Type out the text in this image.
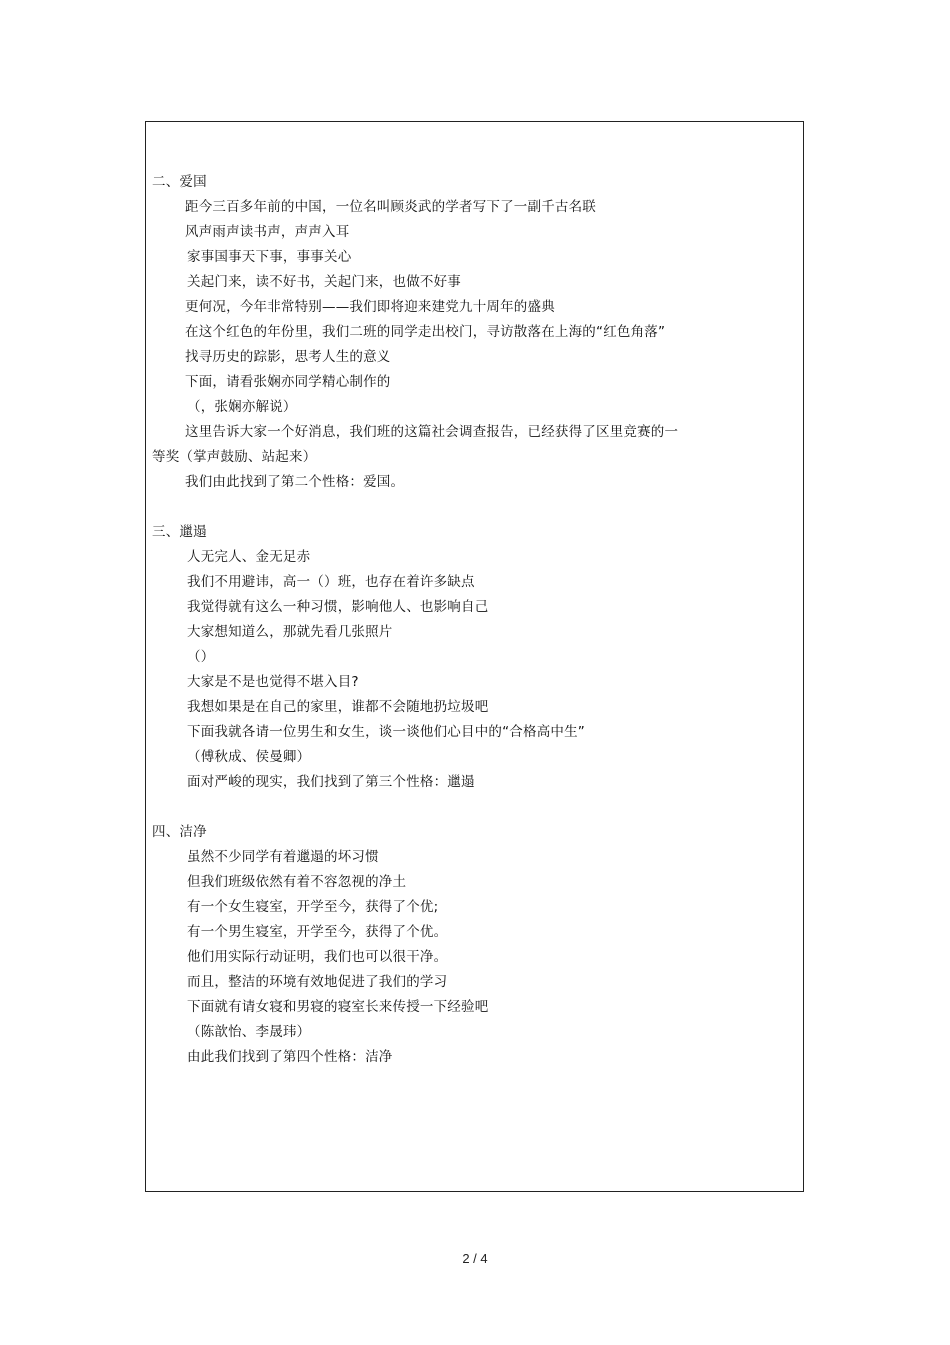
二、爱国
距今三百多年前的中国，一位名叫顾炎武的学者写下了一副千古名联
风声雨声读书声，声声入耳
家事国事天下事，事事关心
关起门来，读不好书，关起门来，也做不好事
更何况，今年非常特别——我们即将迎来建党九十周年的盛典
在这个红色的年份里，我们二班的同学走出校门，寻访散落在上海的“红色角落”
找寻历史的踪影，思考人生的意义
下面，请看张娴亦同学精心制作的
（，张娴亦解说）
这里告诉大家一个好消息，我们班的这篇社会调查报告，已经获得了区里竞赛的一
等奖（掌声鼓励、站起来）
我们由此找到了第二个性格：爱国。
三、邋遢
人无完人、金无足赤
我们不用避讳，高一（）班，也存在着许多缺点
我觉得就有这么一种习惯，影响他人、也影响自己
大家想知道么，那就先看几张照片
（）
大家是不是也觉得不堪入目?
我想如果是在自己的家里，谁都不会随地扔垃圾吧
下面我就各请一位男生和女生，谈一谈他们心目中的“合格高中生”
（傅秋成、侯曼卿）
面对严峻的现实，我们找到了第三个性格：邋遢
四、洁净
虽然不少同学有着邋遢的坏习惯
但我们班级依然有着不容忽视的净土
有一个女生寝室，开学至今，获得了个优;
有一个男生寝室，开学至今，获得了个优。
他们用实际行动证明，我们也可以很干净。
而且，整洁的环境有效地促进了我们的学习
下面就有请女寝和男寝的寝室长来传授一下经验吧
（陈歆怡、李晟玮）
由此我们找到了第四个性格：洁净
2 / 4
